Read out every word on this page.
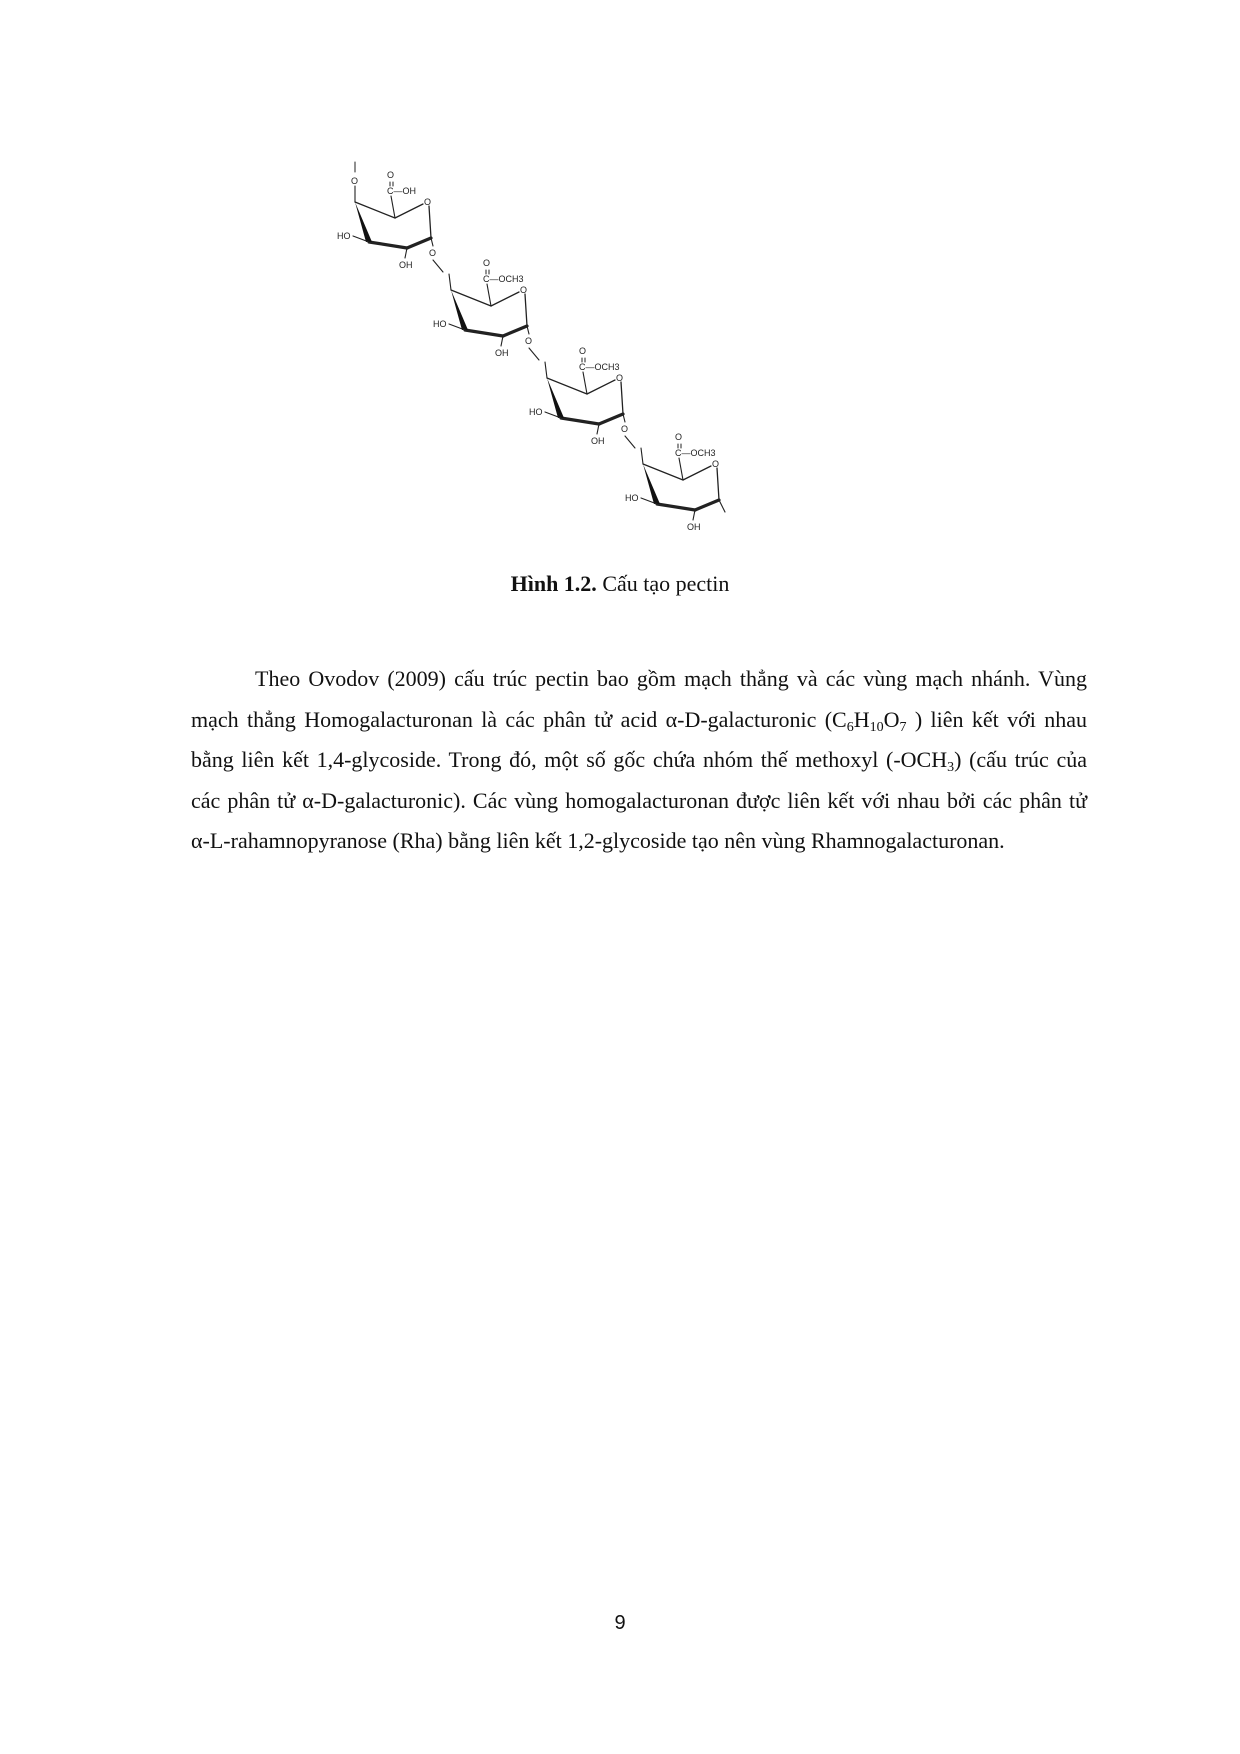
O
HO
OH
C—OH
O
O
O
O
HO
OH
C—OCH3
O
O
O
HO
OH
C—OCH3
O
O
O
HO
OH
C—OCH3
O
Hình 1.2. Cấu tạo pectin
Theo Ovodov (2009) cấu trúc pectin bao gồm mạch thẳng và các vùng mạch nhánh. Vùng mạch thẳng Homogalacturonan là các phân tử acid α-D-galacturonic ($C_6H_{10}O_7$ ) liên kết với nhau bằng liên kết 1,4-glycoside. Trong đó, một số gốc chứa nhóm thế methoxyl $(-OCH_3)$ (cấu trúc của các phân tử α-D-galacturonic). Các vùng homogalacturonan được liên kết với nhau bởi các phân tử α-L-rahamnopyranose (Rha) bằng liên kết 1,2-glycoside tạo nên vùng Rhamnogalacturonan.
9
